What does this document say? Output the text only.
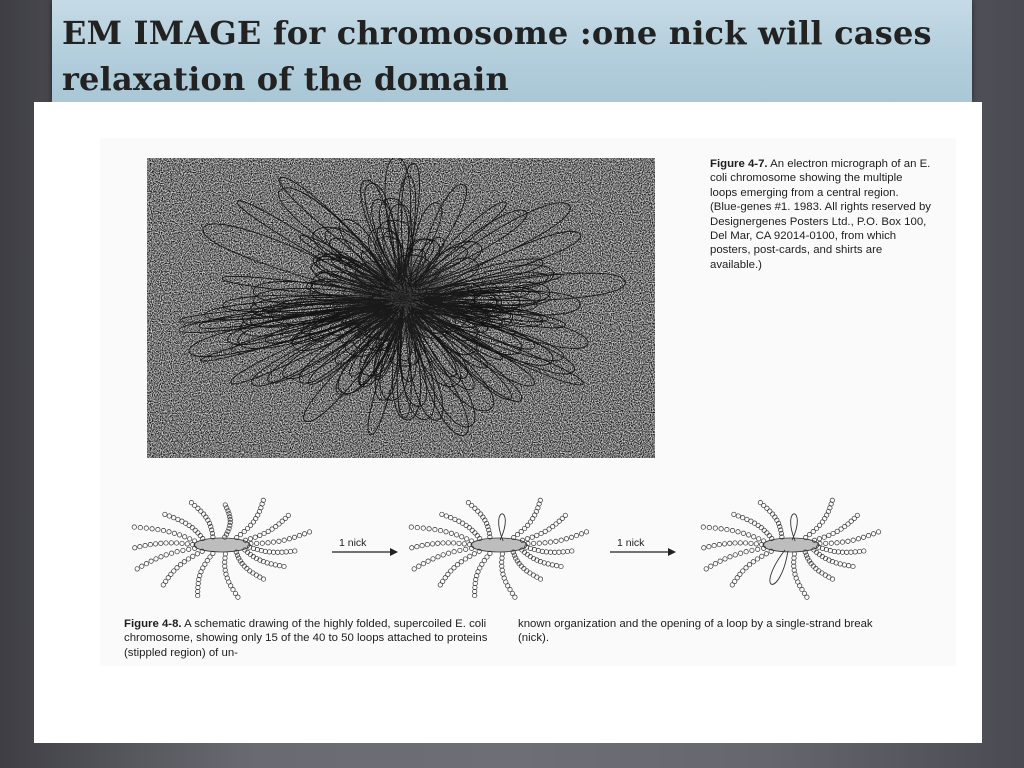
EM IMAGE for chromosome :one nick will cases relaxation of the domain

Figure 4-7. An electron micrograph of an E. coli chromosome showing the multiple loops emerging from a central region. (Blue-genes #1. 1983. All rights reserved by Designergenes Posters Ltd., P.O. Box 100, Del Mar, CA 92014-0100, from which posters, post-cards, and shirts are available.)

1 nick	1 nick

Figure 4-8. A schematic drawing of the highly folded, supercoiled E. coli chromosome, showing only 15 of the 40 to 50 loops attached to proteins (stippled region) of un-

known organization and the opening of a loop by a single-strand break (nick).
